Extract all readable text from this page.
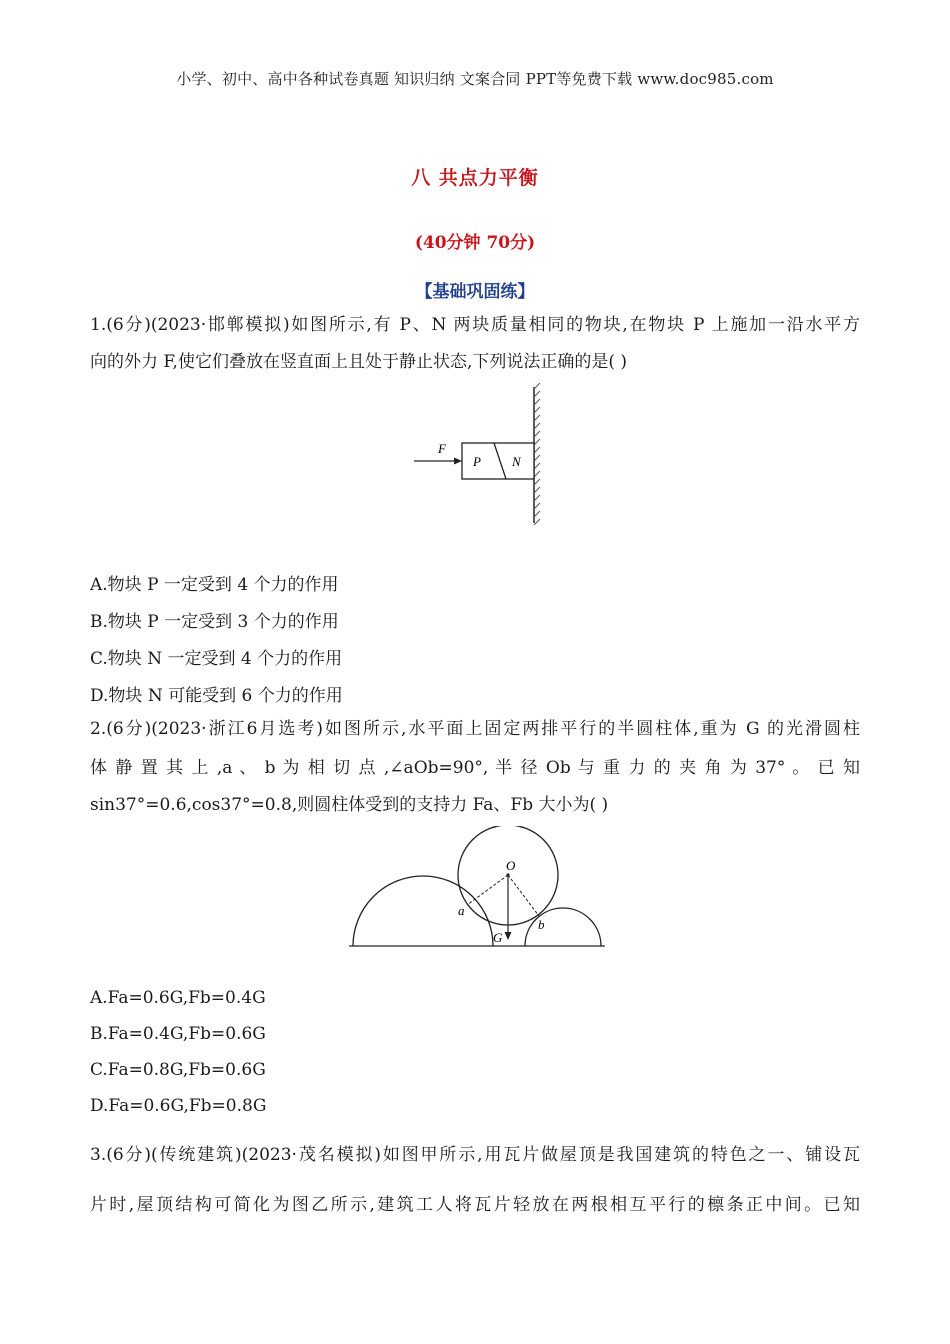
小学、初中、高中各种试卷真题 知识归纳 文案合同 PPT等免费下载 www.doc985.com
八 共点力平衡
(40分钟 70分)
【基础巩固练】
1.(6分)(2023·邯郸模拟)如图所示,有 P、N 两块质量相同的物块,在物块 P 上施加一沿水平方
向的外力 F,使它们叠放在竖直面上且处于静止状态,下列说法正确的是( )
F
P N
A.物块 P 一定受到 4 个力的作用
B.物块 P 一定受到 3 个力的作用
C.物块 N 一定受到 4 个力的作用
D.物块 N 可能受到 6 个力的作用
2.(6分)(2023·浙江6月选考)如图所示,水平面上固定两排平行的半圆柱体,重为 G 的光滑圆柱
体 静 置 其 上 ,a 、 b 为 相 切 点 ,∠aOb=90°, 半 径 Ob 与 重 力 的 夹 角 为 37° 。 已 知
sin37°=0.6,cos37°=0.8,则圆柱体受到的支持力 Fa、Fb 大小为( )
O
a
b
G
A.Fa=0.6G,Fb=0.4G
B.Fa=0.4G,Fb=0.6G
C.Fa=0.8G,Fb=0.6G
D.Fa=0.6G,Fb=0.8G
3.(6分)(传统建筑)(2023·茂名模拟)如图甲所示,用瓦片做屋顶是我国建筑的特色之一、铺设瓦
片时,屋顶结构可简化为图乙所示,建筑工人将瓦片轻放在两根相互平行的檩条正中间。已知
